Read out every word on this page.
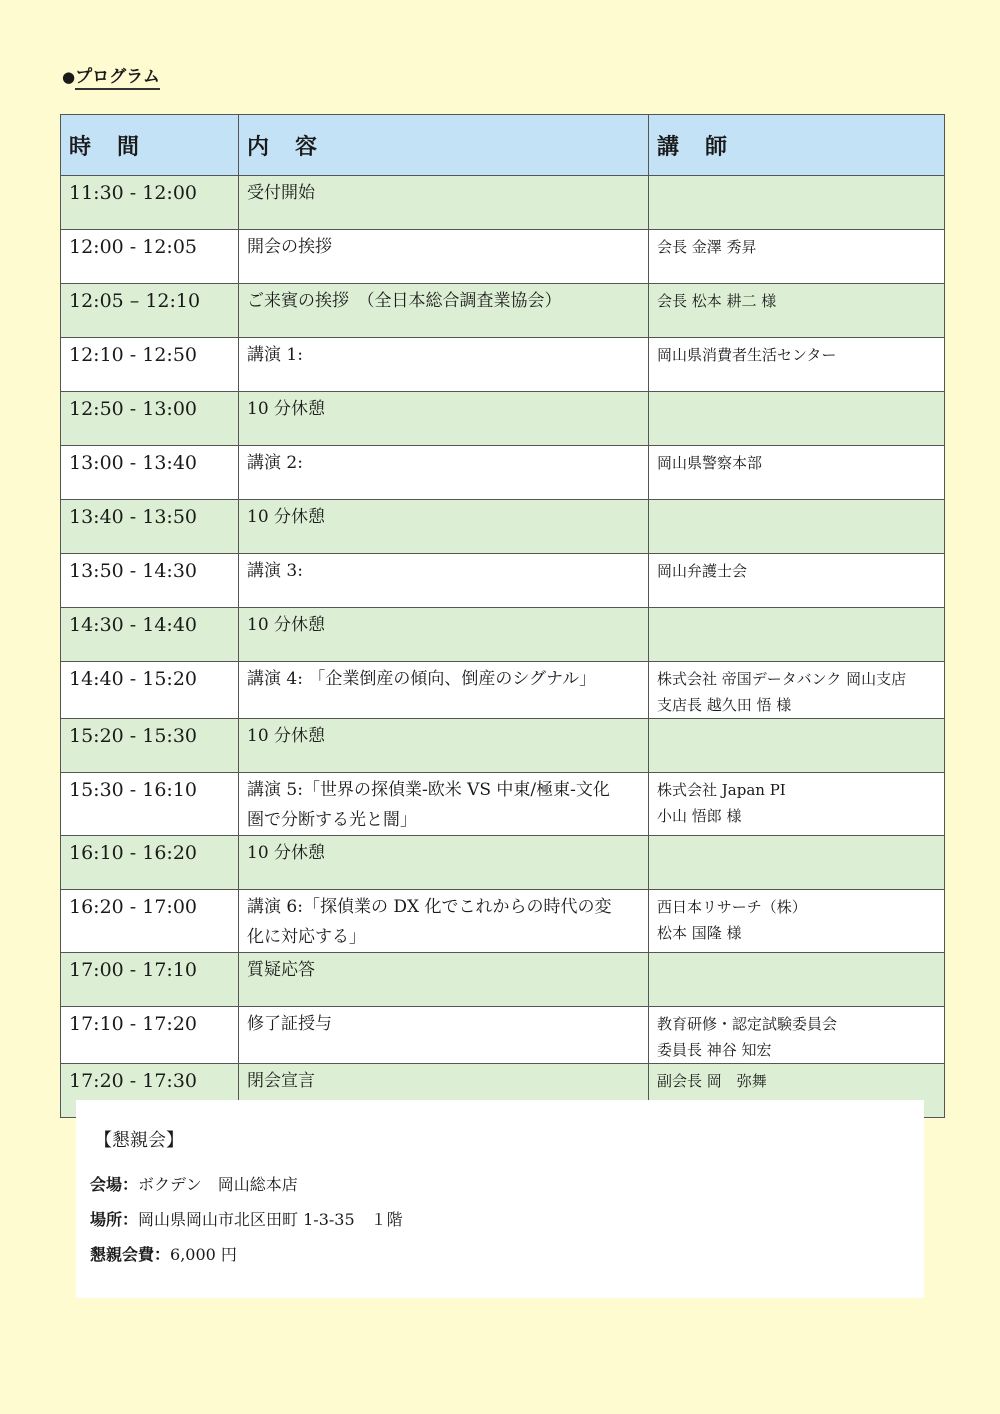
●プログラム
時　間	内　容	講　師
11:30 - 12:00	受付開始	

12:00 - 12:05	開会の挨拶	会長 金澤 秀昇

12:05 – 12:10	ご来賓の挨拶　（全日本総合調査業協会）	会長 松本 耕二 様

12:10 - 12:50	講演 1:	岡山県消費者生活センター

12:50 - 13:00	10 分休憩	

13:00 - 13:40	講演 2:	岡山県警察本部

13:40 - 13:50	10 分休憩	

13:50 - 14:30	講演 3:	岡山弁護士会

14:30 - 14:40	10 分休憩	

14:40 - 15:20	講演 4: 「企業倒産の傾向、倒産のシグナル」	株式会社 帝国データバンク 岡山支店
支店長 越久田 悟 様

15:20 - 15:30	10 分休憩	

15:30 - 16:10	講演 5:「世界の探偵業-欧米 VS 中東/極東-文化
圏で分断する光と闇」	株式会社 Japan PI
小山 悟郎 様

16:10 - 16:20	10 分休憩	

16:20 - 17:00	講演 6:「探偵業の DX 化でこれからの時代の変
化に対応する」	西日本リサーチ（株）
松本 国隆 様

17:00 - 17:10	質疑応答	

17:10 - 17:20	修了証授与	教育研修・認定試験委員会
委員長 神谷 知宏

17:20 - 17:30	閉会宣言	副会長 岡　弥舞
【懇親会】
会場：ボクデン　岡山総本店
場所：岡山県岡山市北区田町 1-3-35　１階
懇親会費：6,000 円
